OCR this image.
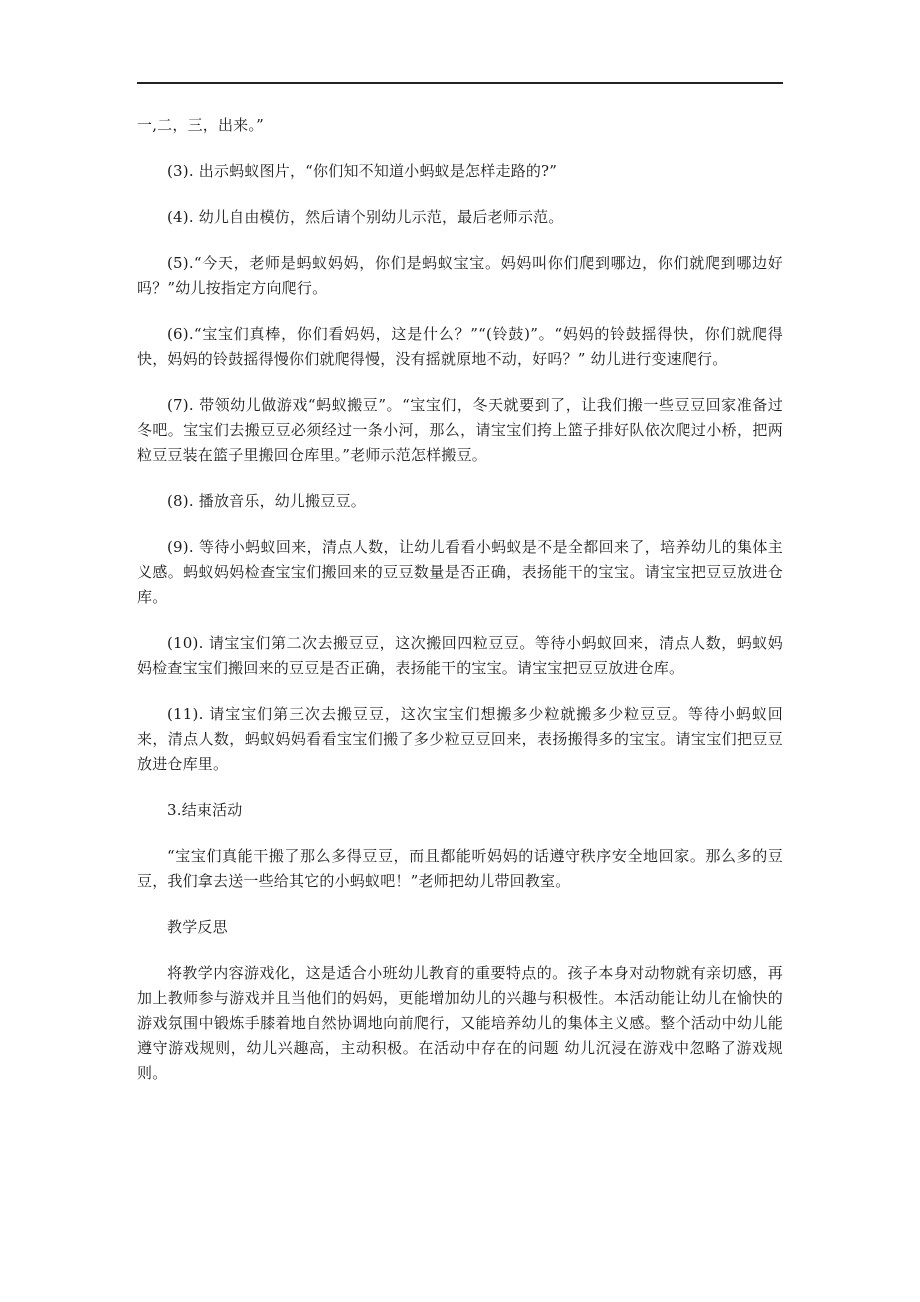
一,二，三，出来。”

(3). 出示蚂蚁图片，“你们知不知道小蚂蚁是怎样走路的?”

(4). 幼儿自由模仿，然后请个别幼儿示范，最后老师示范。

(5).“今天，老师是蚂蚁妈妈，你们是蚂蚁宝宝。妈妈叫你们爬到哪边，你们就爬到哪边好吗？”幼儿按指定方向爬行。

(6).“宝宝们真棒，你们看妈妈，这是什么？”“(铃鼓)”。“妈妈的铃鼓摇得快，你们就爬得快，妈妈的铃鼓摇得慢你们就爬得慢，没有摇就原地不动，好吗？” 幼儿进行变速爬行。

(7). 带领幼儿做游戏“蚂蚁搬豆”。“宝宝们，冬天就要到了，让我们搬一些豆豆回家准备过冬吧。宝宝们去搬豆豆必须经过一条小河，那么，请宝宝们挎上篮子排好队依次爬过小桥，把两粒豆豆装在篮子里搬回仓库里。”老师示范怎样搬豆。

(8). 播放音乐，幼儿搬豆豆。

(9). 等待小蚂蚁回来，清点人数，让幼儿看看小蚂蚁是不是全都回来了，培养幼儿的集体主义感。蚂蚁妈妈检查宝宝们搬回来的豆豆数量是否正确，表扬能干的宝宝。请宝宝把豆豆放进仓库。

(10). 请宝宝们第二次去搬豆豆，这次搬回四粒豆豆。等待小蚂蚁回来，清点人数，蚂蚁妈妈检查宝宝们搬回来的豆豆是否正确，表扬能干的宝宝。请宝宝把豆豆放进仓库。

(11). 请宝宝们第三次去搬豆豆，这次宝宝们想搬多少粒就搬多少粒豆豆。等待小蚂蚁回来，清点人数，蚂蚁妈妈看看宝宝们搬了多少粒豆豆回来，表扬搬得多的宝宝。请宝宝们把豆豆放进仓库里。

3.结束活动

“宝宝们真能干搬了那么多得豆豆，而且都能听妈妈的话遵守秩序安全地回家。那么多的豆豆，我们拿去送一些给其它的小蚂蚁吧！”老师把幼儿带回教室。

教学反思

将教学内容游戏化，这是适合小班幼儿教育的重要特点的。孩子本身对动物就有亲切感，再加上教师参与游戏并且当他们的妈妈，更能增加幼儿的兴趣与积极性。本活动能让幼儿在愉快的游戏氛围中锻炼手膝着地自然协调地向前爬行，又能培养幼儿的集体主义感。整个活动中幼儿能遵守游戏规则，幼儿兴趣高，主动积极。在活动中存在的问题 幼儿沉浸在游戏中忽略了游戏规则。
